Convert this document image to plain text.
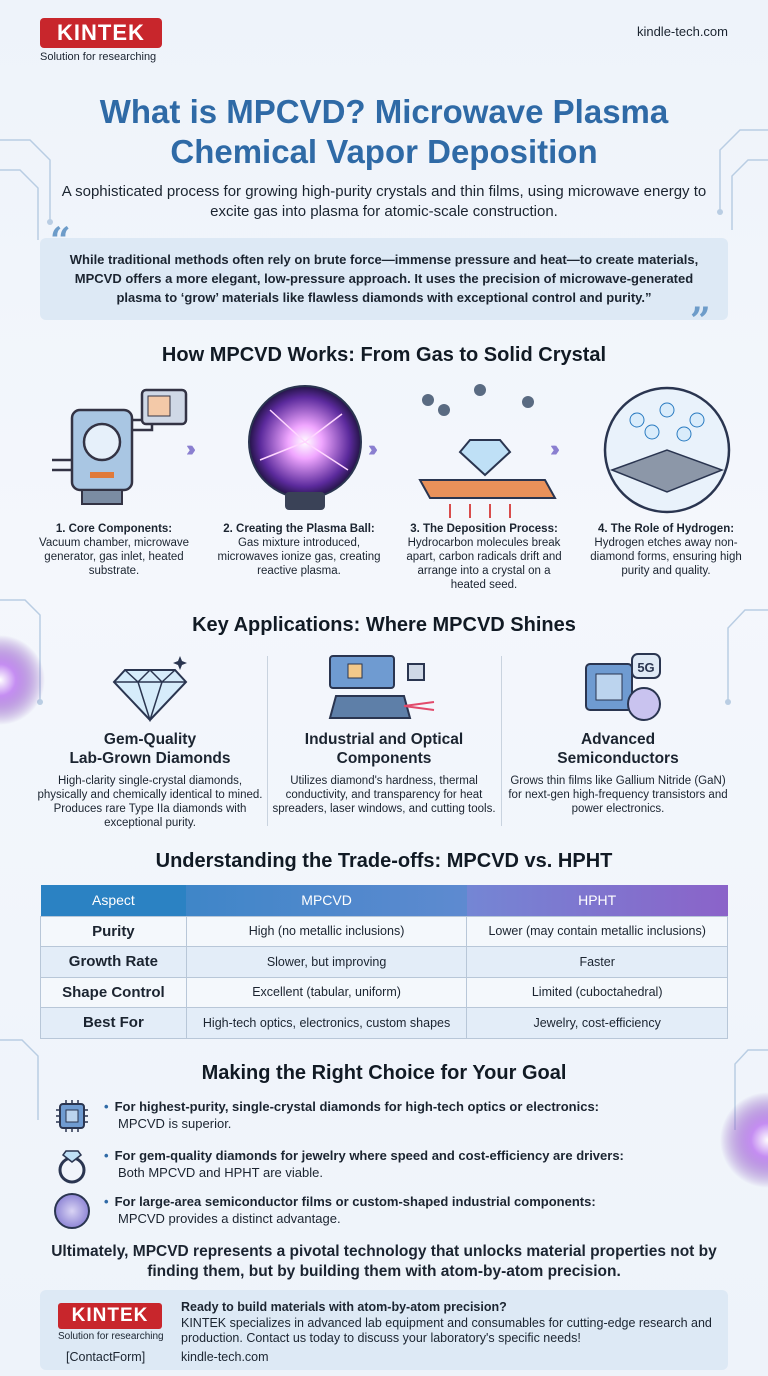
KINTEK
Solution for researching
kindle-tech.com
What is MPCVD? Microwave Plasma
Chemical Vapor Deposition
A sophisticated process for growing high-purity crystals and thin films, using microwave energy to excite gas into plasma for atomic-scale construction.
While traditional methods often rely on brute force—immense pressure and heat—to create materials, MPCVD offers a more elegant, low-pressure approach. It uses the precision of microwave-generated plasma to ‘grow’ materials like flawless diamonds with exceptional control and purity.”
“
”
How MPCVD Works: From Gas to Solid Crystal
›››	›››	›››
1. Core Components:
Vacuum chamber, microwave generator, gas inlet, heated substrate.
2. Creating the Plasma Ball:
Gas mixture introduced, microwaves ionize gas, creating reactive plasma.
3. The Deposition Process:
Hydrocarbon molecules break apart, carbon radicals drift and arrange into a crystal on a heated seed.
4. The Role of Hydrogen:
Hydrogen etches away non-diamond forms, ensuring high purity and quality.
Key Applications: Where MPCVD Shines
5G
Gem-Quality
Lab-Grown Diamonds
High-clarity single-crystal diamonds, physically and chemically identical to mined. Produces rare Type IIa diamonds with exceptional purity.
Industrial and Optical
Components
Utilizes diamond's hardness, thermal conductivity, and transparency for heat spreaders, laser windows, and cutting tools.
Advanced
Semiconductors
Grows thin films like Gallium Nitride (GaN) for next-gen high-frequency transistors and power electronics.
Understanding the Trade-offs: MPCVD vs. HPHT
Aspect	MPCVD	HPHT
Purity	High (no metallic inclusions)	Lower (may contain metallic inclusions)
Growth Rate	Slower, but improving	Faster
Shape Control	Excellent (tabular, uniform)	Limited (cuboctahedral)
Best For	High-tech optics, electronics, custom shapes	Jewelry, cost-efficiency
Making the Right Choice for Your Goal
• For highest-purity, single-crystal diamonds for high-tech optics or electronics:
MPCVD is superior.
• For gem-quality diamonds for jewelry where speed and cost-efficiency are drivers:
Both MPCVD and HPHT are viable.
• For large-area semiconductor films or custom-shaped industrial components:
MPCVD provides a distinct advantage.
Ultimately, MPCVD represents a pivotal technology that unlocks material properties not by finding them, but by building them with atom-by-atom precision.
KINTEK
Solution for researching
[ContactForm]
Ready to build materials with atom-by-atom precision?
KINTEK specializes in advanced lab equipment and consumables for cutting-edge research and production. Contact us today to discuss your laboratory's specific needs!
kindle-tech.com
